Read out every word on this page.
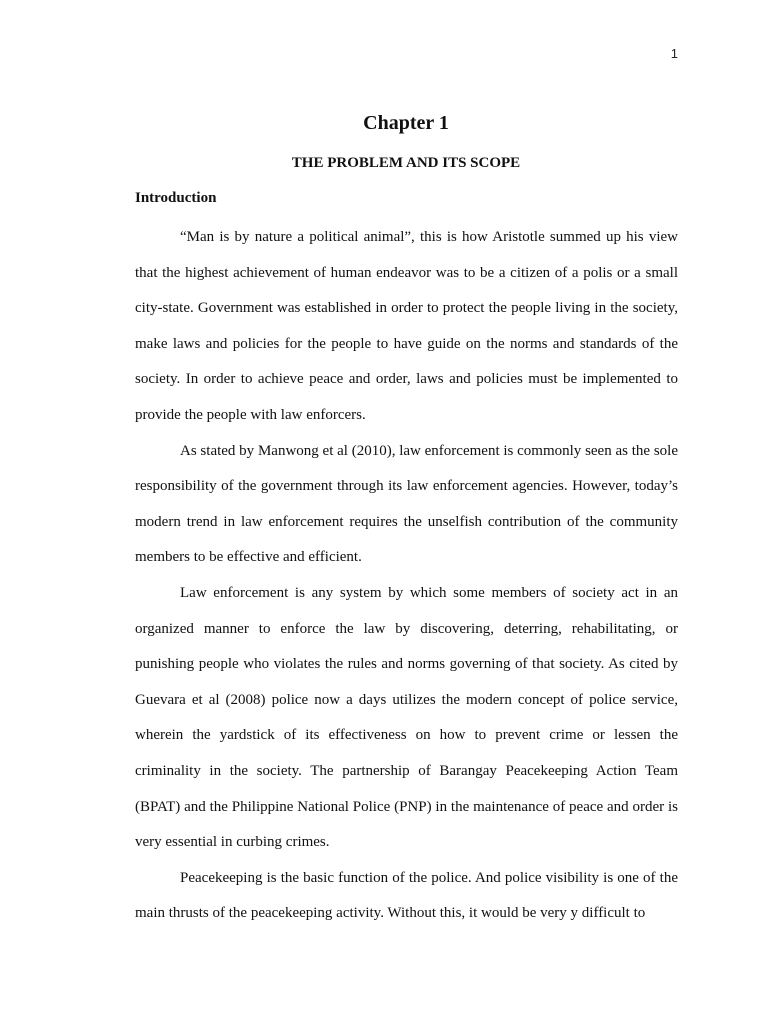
1
Chapter 1
THE PROBLEM AND ITS SCOPE
Introduction

“Man is by nature a political animal”, this is how Aristotle summed up his view that the highest achievement of human endeavor was to be a citizen of a polis or a small city-state. Government was established in order to protect the people living in the society, make laws and policies for the people to have guide on the norms and standards of the society. In order to achieve peace and order, laws and policies must be implemented to provide the people with law enforcers.

As stated by Manwong et al (2010), law enforcement is commonly seen as the sole responsibility of the government through its law enforcement agencies. However, today’s modern trend in law enforcement requires the unselfish contribution of the community members to be effective and efficient.

Law enforcement is any system by which some members of society act in an organized manner to enforce the law by discovering, deterring, rehabilitating, or punishing people who violates the rules and norms governing of that society. As cited by Guevara et al (2008) police now a days utilizes the modern concept of police service, wherein the yardstick of its effectiveness on how to prevent crime or lessen the criminality in the society. The partnership of Barangay Peacekeeping Action Team (BPAT) and the Philippine National Police (PNP) in the maintenance of peace and order is very essential in curbing crimes.

Peacekeeping is the basic function of the police. And police visibility is one of the main thrusts of the peacekeeping activity. Without this, it would be very y difficult to
